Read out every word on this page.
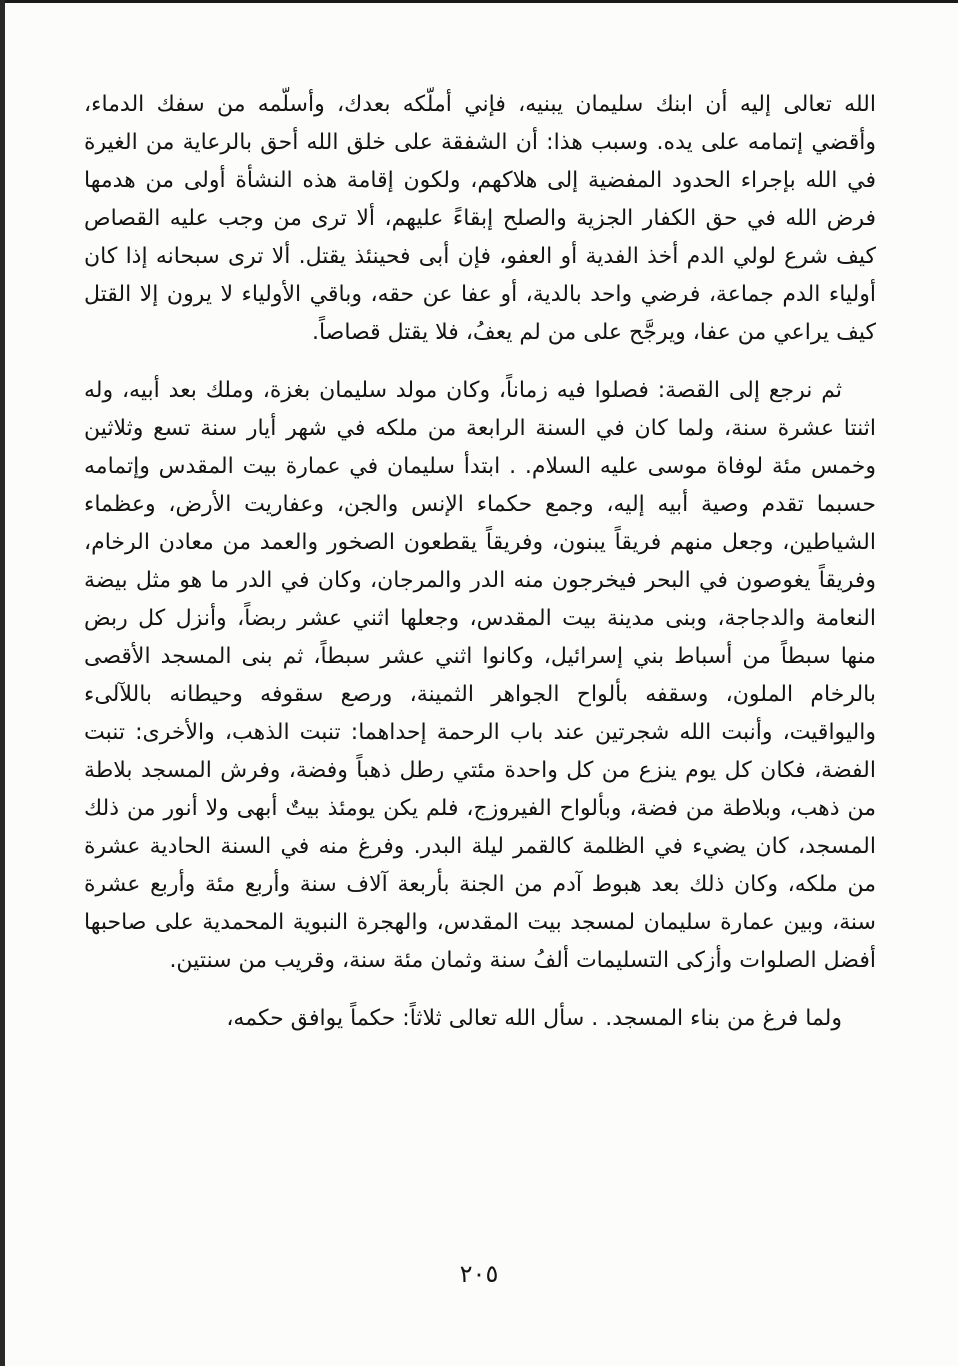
الله تعالى إليه أن ابنك سليمان يبنيه، فإني أملّكه بعدك، وأسلّمه من سفك الدماء، وأقضي إتمامه على يده. وسبب هذا: أن الشفقة على خلق الله أحق بالرعاية من الغيرة في الله بإجراء الحدود المفضية إلى هلاكهم، ولكون إقامة هذه النشأة أولى من هدمها فرض الله في حق الكفار الجزية والصلح إبقاءً عليهم، ألا ترى من وجب عليه القصاص كيف شرع لولي الدم أخذ الفدية أو العفو، فإن أبى فحينئذ يقتل. ألا ترى سبحانه إذا كان أولياء الدم جماعة، فرضي واحد بالدية، أو عفا عن حقه، وباقي الأولياء لا يرون إلا القتل كيف يراعي من عفا، ويرجَّح على من لم يعفُ، فلا يقتل قصاصاً.

ثم نرجع إلى القصة: فصلوا فيه زماناً، وكان مولد سليمان بغزة، وملك بعد أبيه، وله اثنتا عشرة سنة، ولما كان في السنة الرابعة من ملكه في شهر أيار سنة تسع وثلاثين وخمس مئة لوفاة موسى عليه السلام. . ابتدأ سليمان في عمارة بيت المقدس وإتمامه حسبما تقدم وصية أبيه إليه، وجمع حكماء الإنس والجن، وعفاريت الأرض، وعظماء الشياطين، وجعل منهم فريقاً يبنون، وفريقاً يقطعون الصخور والعمد من معادن الرخام، وفريقاً يغوصون في البحر فيخرجون منه الدر والمرجان، وكان في الدر ما هو مثل بيضة النعامة والدجاجة، وبنى مدينة بيت المقدس، وجعلها اثني عشر ربضاً، وأنزل كل ربض منها سبطاً من أسباط بني إسرائيل، وكانوا اثني عشر سبطاً، ثم بنى المسجد الأقصى بالرخام الملون، وسقفه بألواح الجواهر الثمينة، ورصع سقوفه وحيطانه باللآلىء واليواقيت، وأنبت الله شجرتين عند باب الرحمة إحداهما: تنبت الذهب، والأخرى: تنبت الفضة، فكان كل يوم ينزع من كل واحدة مئتي رطل ذهباً وفضة، وفرش المسجد بلاطة من ذهب، وبلاطة من فضة، وبألواح الفيروزج، فلم يكن يومئذ بيتٌ أبهى ولا أنور من ذلك المسجد، كان يضيء في الظلمة كالقمر ليلة البدر. وفرغ منه في السنة الحادية عشرة من ملكه، وكان ذلك بعد هبوط آدم من الجنة بأربعة آلاف سنة وأربع مئة وأربع عشرة سنة، وبين عمارة سليمان لمسجد بيت المقدس، والهجرة النبوية المحمدية على صاحبها أفضل الصلوات وأزكى التسليمات ألفُ سنة وثمان مئة سنة، وقريب من سنتين.

ولما فرغ من بناء المسجد. . سأل الله تعالى ثلاثاً: حكماً يوافق حكمه،

٢٠٥
